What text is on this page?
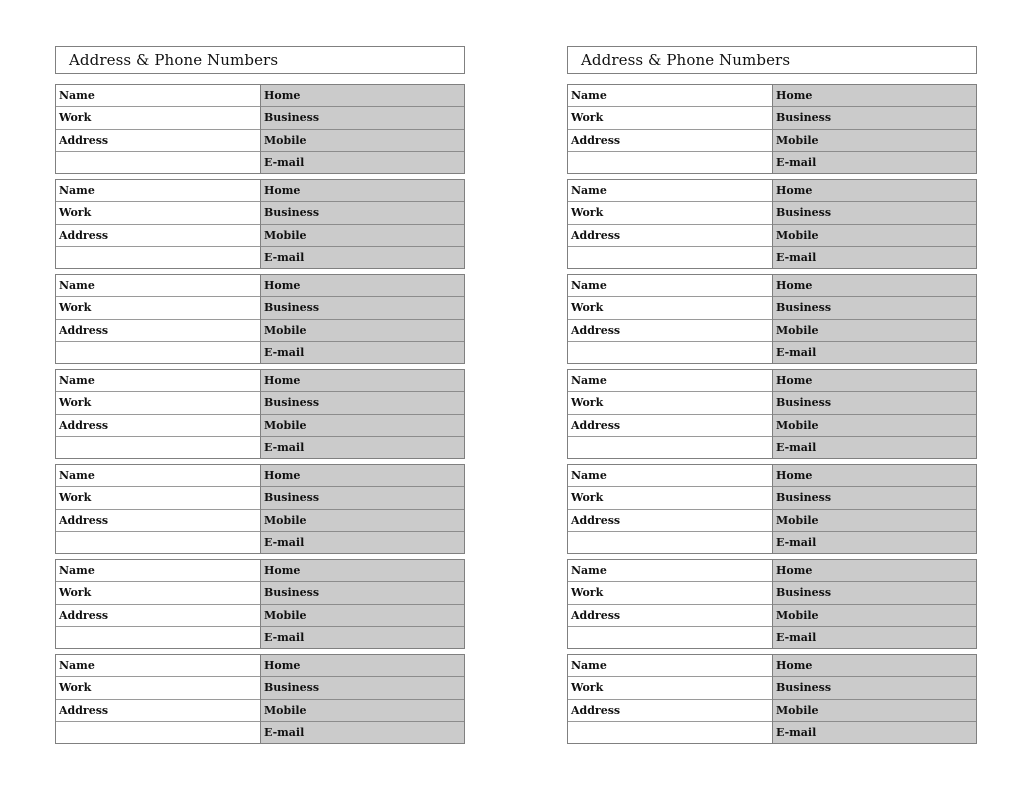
Address & Phone Numbers
Name
Work
Address
Home
Business
Mobile
E-mail
Name
Work
Address
Home
Business
Mobile
E-mail
Name
Work
Address
Home
Business
Mobile
E-mail
Name
Work
Address
Home
Business
Mobile
E-mail
Name
Work
Address
Home
Business
Mobile
E-mail
Name
Work
Address
Home
Business
Mobile
E-mail
Name
Work
Address
Home
Business
Mobile
E-mail
Address & Phone Numbers
Name
Work
Address
Home
Business
Mobile
E-mail
Name
Work
Address
Home
Business
Mobile
E-mail
Name
Work
Address
Home
Business
Mobile
E-mail
Name
Work
Address
Home
Business
Mobile
E-mail
Name
Work
Address
Home
Business
Mobile
E-mail
Name
Work
Address
Home
Business
Mobile
E-mail
Name
Work
Address
Home
Business
Mobile
E-mail
